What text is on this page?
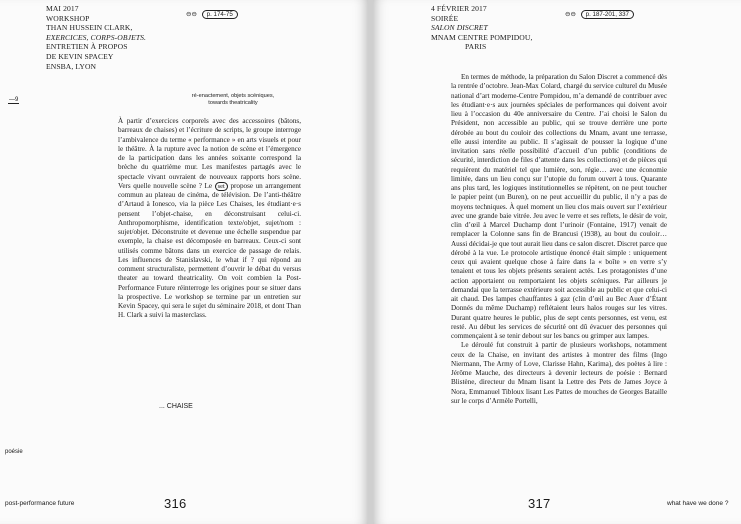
MAI 2017
WORKSHOP
THAN HUSSEIN CLARK,
EXERCICES, CORPS-OBJETS.
ENTRETIEN À PROPOS
DE KEVIN SPACEY
ENSBA, LYON
⊖⊖ p. 174-75
—9
ré-enactement, objets scéniques,
towards theatricality

À partir d’exercices corporels avec des accessoires (bâtons, barreaux de chaises) et l’écriture de scripts, le groupe interroge l’ambivalence du terme « performance » en arts visuels et pour le théâtre. À la rupture avec la notion de scène et l’émergence de la participation dans les années soixante correspond la brèche du quatrième mur. Les manifestes partagés avec le spectacle vivant ouvraient de nouveaux rapports hors scène. Vers quelle nouvelle scène ? Le set propose un arrangement commun au plateau de cinéma, de télévision. De l’anti-théâtre d’Artaud à Ionesco, via la pièce Les Chaises, les étudiant·e·s pensent l’objet-chaise, en déconstruisant celui-ci. Anthropomorphisme, identification texte/objet, sujet/nom : sujet/objet. Déconstruite et devenue une échelle suspendue par exemple, la chaise est décomposée en barreaux. Ceux-ci sont utilisés comme bâtons dans un exercice de passage de relais. Les influences de Stanislavski, le what if ? qui répond au comment structuraliste, permettent d’ouvrir le débat du versus theater au toward theatricality. On voit combien la Post-Performance Future réinterroge les origines pour se situer dans la prospective. Le workshop se termine par un entretien sur Kevin Spacey, qui sera le sujet du séminaire 2018, et dont Than H. Clark a suivi la masterclass.

... CHAISE
poésie
post-performance future	316
4 FÉVRIER 2017
SOIRÉE
SALON DISCRET
MNAM CENTRE POMPIDOU,
PARIS
⊖⊖ p. 187-201, 337

En termes de méthode, la préparation du Salon Discret a commencé dès la rentrée d’octobre. Jean-Max Colard, chargé du service culturel du Musée national d’art moderne-Centre Pompidou, m’a demandé de contribuer avec les étudiant·e·s aux journées spéciales de performances qui doivent avoir lieu à l’occasion du 40e anniversaire du Centre. J’ai choisi le Salon du Président, non accessible au public, qui se trouve derrière une porte dérobée au bout du couloir des collections du Mnam, avant une terrasse, elle aussi interdite au public. Il s’agissait de pousser la logique d’une invitation sans réelle possibilité d’accueil d’un public (conditions de sécurité, interdiction de files d’attente dans les collections) et de pièces qui requièrent du matériel tel que lumière, son, régie… avec une économie limitée, dans un lieu conçu sur l’utopie du forum ouvert à tous. Quarante ans plus tard, les logiques institutionnelles se répètent, on ne peut toucher le papier peint (un Buren), on ne peut accueillir du public, il n’y a pas de moyens techniques. À quel moment un lieu clos mais ouvert sur l’extérieur avec une grande baie vitrée. Jeu avec le verre et ses reflets, le désir de voir, clin d’œil à Marcel Duchamp dont l’urinoir (Fontaine, 1917) venait de remplacer la Colonne sans fin de Brancusi (1938), au bout du couloir… Aussi décidai-je que tout aurait lieu dans ce salon discret. Discret parce que dérobé à la vue. Le protocole artistique énoncé était simple : uniquement ceux qui avaient quelque chose à faire dans la « boîte » en verre s’y tenaient et tous les objets présents seraient actés. Les protagonistes d’une action apportaient ou remportaient les objets scéniques. Par ailleurs je demandai que la terrasse extérieure soit accessible au public et que celui-ci ait chaud. Des lampes chauffantes à gaz (clin d’œil au Bec Auer d’Étant Donnés du même Duchamp) reflétaient leurs halos rouges sur les vitres. Durant quatre heures le public, plus de sept cents personnes, est venu, est resté. Au début les services de sécurité ont dû évacuer des personnes qui commençaient à se tenir debout sur les bancs ou grimper aux lampes.

Le déroulé fut construit à partir de plusieurs workshops, notamment ceux de la Chaise, en invitant des artistes à montrer des films (Ingo Niermann, The Army of Love, Clarisse Hahn, Karima), des poètes à lire : Jérôme Mauche, des directeurs à devenir lecteurs de poésie : Bernard Blistène, directeur du Mnam lisant la Lettre des Pets de James Joyce à Nora, Emmanuel Tibloux lisant Les Pattes de mouches de Georges Bataille sur le corps d’Armèle Portelli,

317	what have we done ?
